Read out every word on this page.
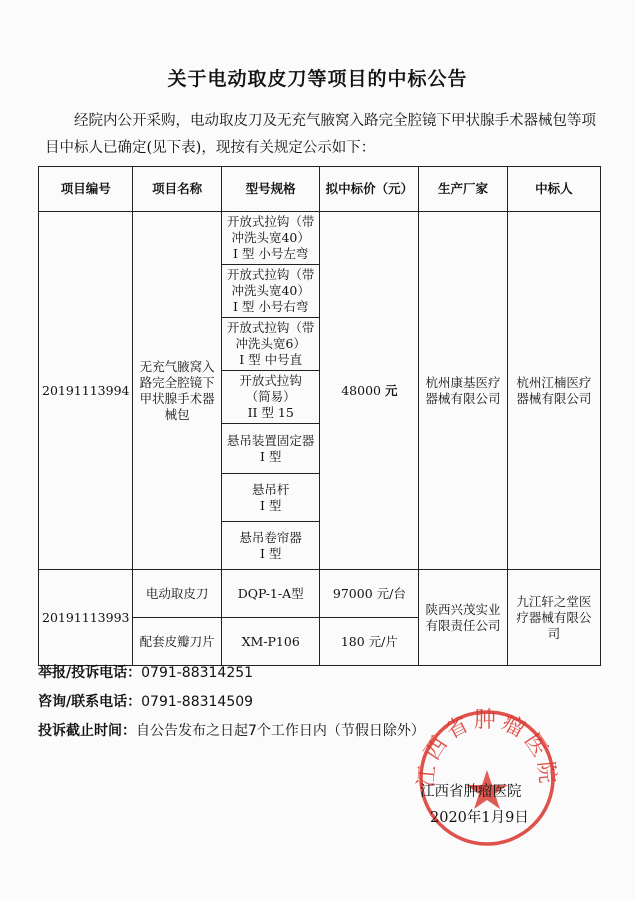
关于电动取皮刀等项目的中标公告

经院内公开采购，电动取皮刀及无充气腋窝入路完全腔镜下甲状腺手术器械包等项目中标人已确定(见下表)，现按有关规定公示如下：

项目编号	项目名称	型号规格	拟中标价（元）	生产厂家	中标人
20191113994	无充气腋窝入路完全腔镜下甲状腺手术器械包	开放式拉钩（带
冲洗头宽40）
I 型 小号左弯	48000 元	杭州康基医疗器械有限公司	杭州江楠医疗器械有限公司
		开放式拉钩（带
冲洗头宽40）
I 型 小号右弯			
		开放式拉钩（带
冲洗头宽6）
I 型 中号直			
		开放式拉钩
（简易）
II 型 15			
		悬吊装置固定器
I 型			
		悬吊杆
I 型			
		悬吊卷帘器
I 型			
20191113993	电动取皮刀	DQP-1-A型	97000 元/台	陕西兴茂实业有限责任公司	九江轩之堂医疗器械有限公司
	配套皮瓣刀片	XM-P106	180 元/片		
举报/投诉电话：0791-88314251
咨询/联系电话：0791-88314509
投诉截止时间：自公告发布之日起7个工作日内（节假日除外）
江西省肿瘤医院
江西省肿瘤医院
2020年1月9日
